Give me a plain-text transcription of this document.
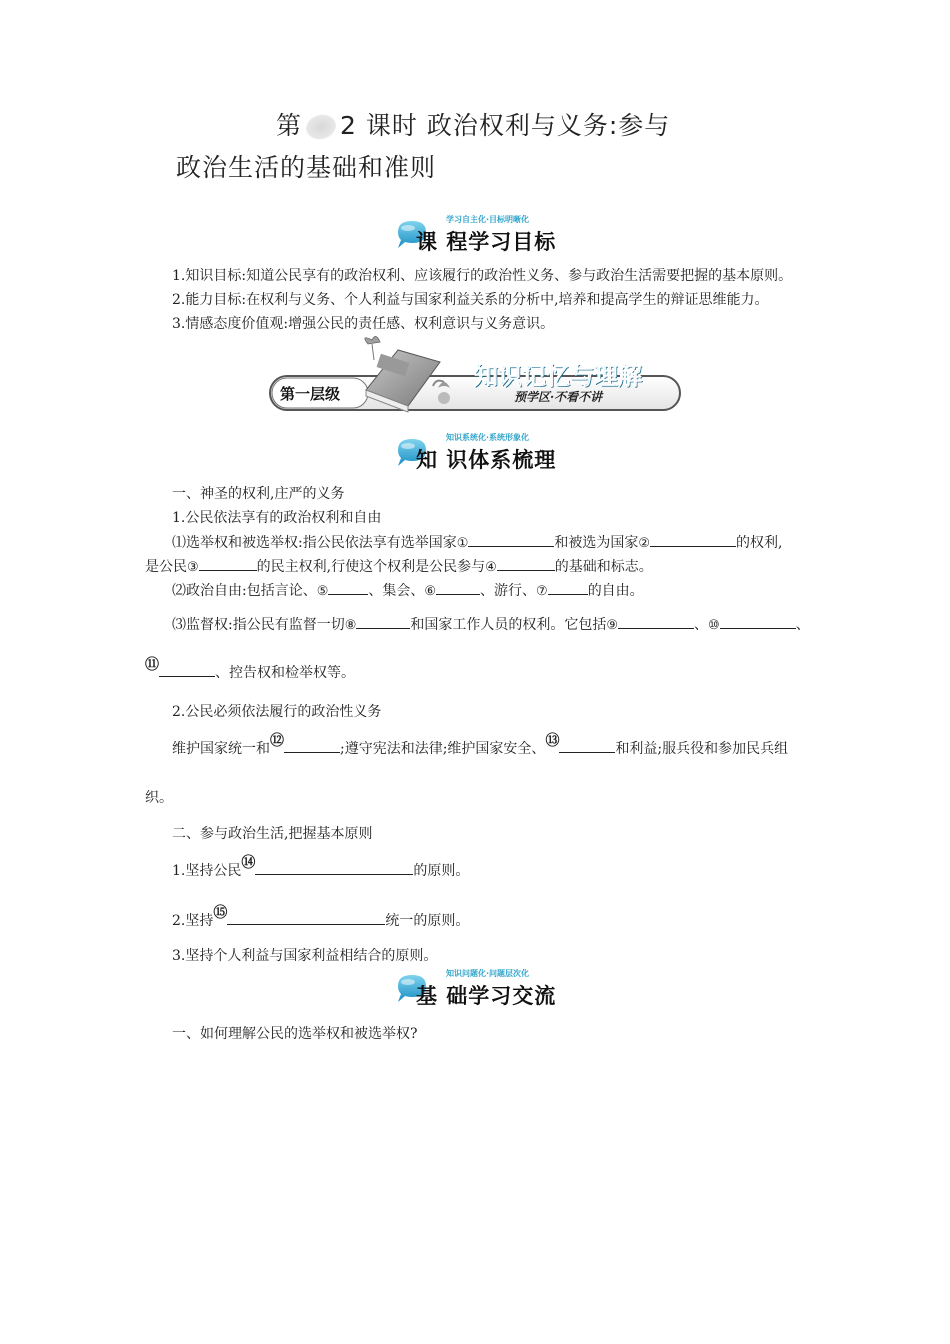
第 2 课时 政治权利与义务:参与
政治生活的基础和准则
学习自主化·目标明晰化
课 程学习目标
1.知识目标:知道公民享有的政治权利、应该履行的政治性义务、参与政治生活需要把握的基本原则。
2.能力目标:在权利与义务、个人利益与国家利益关系的分析中,培养和提高学生的辩证思维能力。
3.情感态度价值观:增强公民的责任感、权利意识与义务意识。
第一层级
知识记忆与理解
预学区·不看不讲
知识系统化·系统形象化
知 识体系梳理
一、神圣的权利,庄严的义务
1.公民依法享有的政治权利和自由
⑴选举权和被选举权:指公民依法享有选举国家①	和被选为国家②	的权利,
是公民③	的民主权利,行使这个权利是公民参与④	的基础和标志。
⑵政治自由:包括言论、⑤	、集会、⑥	、游行、⑦	的自由。
⑶监督权:指公民有监督一切⑧	和国家工作人员的权利。它包括⑨	、⑩	、
⑪	、控告权和检举权等。
2.公民必须依法履行的政治性义务
维护国家统一和⑫	;遵守宪法和法律;维护国家安全、⑬	和利益;服兵役和参加民兵组
织。
二、参与政治生活,把握基本原则
1.坚持公民⑭	的原则。
2.坚持⑮	统一的原则。
3.坚持个人利益与国家利益相结合的原则。
知识问题化·问题层次化
基 础学习交流
一、如何理解公民的选举权和被选举权?
